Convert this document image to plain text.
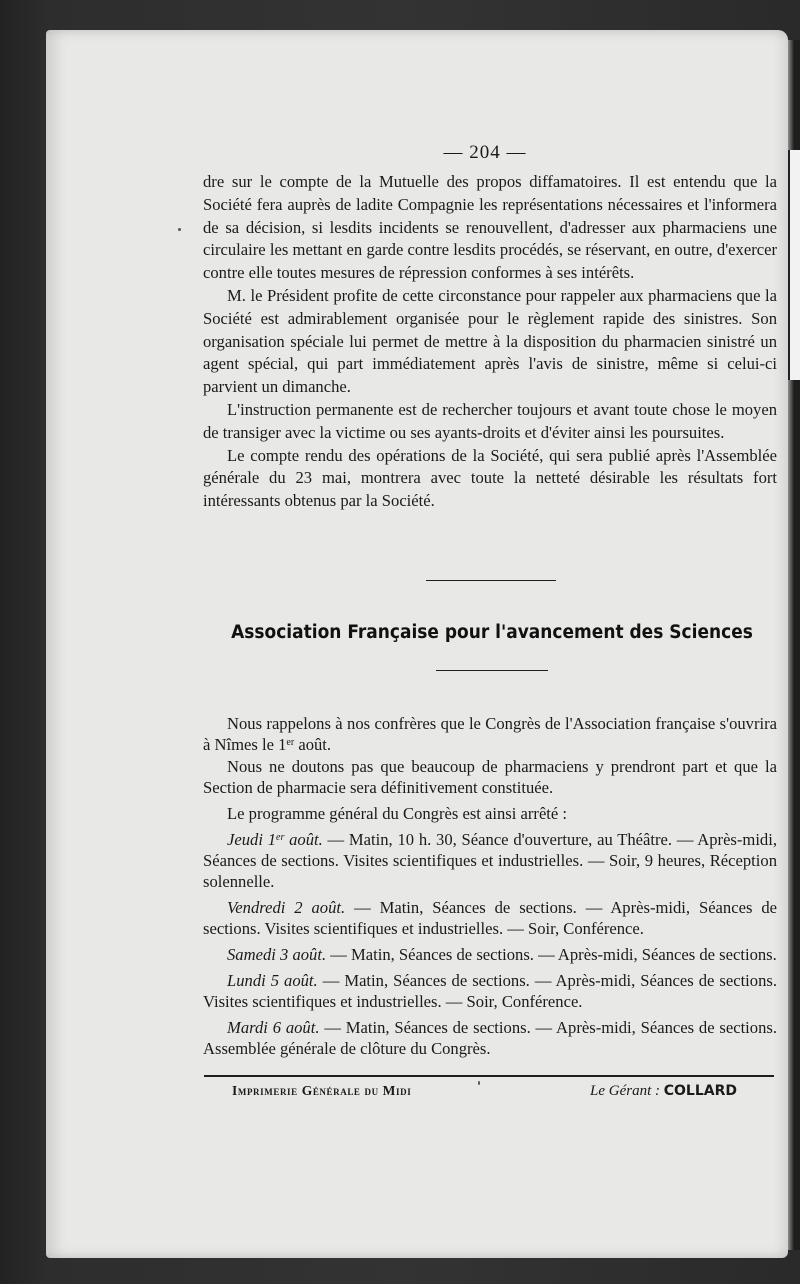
— 204 —

dre sur le compte de la Mutuelle des propos diffamatoires. Il est entendu que la Société fera auprès de ladite Compagnie les représentations nécessaires et l'informera de sa décision, si lesdits incidents se renouvellent, d'adresser aux pharmaciens une circulaire les mettant en garde contre lesdits procédés, se réservant, en outre, d'exercer contre elle toutes mesures de répression conformes à ses intérêts.

M. le Président profite de cette circonstance pour rappeler aux pharmaciens que la Société est admirablement organisée pour le règlement rapide des sinistres. Son organisation spéciale lui permet de mettre à la disposition du pharmacien sinistré un agent spécial, qui part immédiatement après l'avis de sinistre, même si celui-ci parvient un dimanche.

L'instruction permanente est de rechercher toujours et avant toute chose le moyen de transiger avec la victime ou ses ayants-droits et d'éviter ainsi les poursuites.

Le compte rendu des opérations de la Société, qui sera publié après l'Assemblée générale du 23 mai, montrera avec toute la netteté désirable les résultats fort intéressants obtenus par la Société.

Association Française pour l'avancement des Sciences

Nous rappelons à nos confrères que le Congrès de l'Association française s'ouvrira à Nîmes le 1er août.

Nous ne doutons pas que beaucoup de pharmaciens y prendront part et que la Section de pharmacie sera définitivement constituée.

Le programme général du Congrès est ainsi arrêté :

Jeudi 1er août. — Matin, 10 h. 30, Séance d'ouverture, au Théâtre. — Après-midi, Séances de sections. Visites scientifiques et industrielles. — Soir, 9 heures, Réception solennelle.

Vendredi 2 août. — Matin, Séances de sections. — Après-midi, Séances de sections. Visites scientifiques et industrielles. — Soir, Conférence.

Samedi 3 août. — Matin, Séances de sections. — Après-midi, Séances de sections.

Lundi 5 août. — Matin, Séances de sections. — Après-midi, Séances de sections. Visites scientifiques et industrielles. — Soir, Conférence.

Mardi 6 août. — Matin, Séances de sections. — Après-midi, Séances de sections. Assemblée générale de clôture du Congrès.

Imprimerie Générale du Midi	Le Gérant : COLLARD
